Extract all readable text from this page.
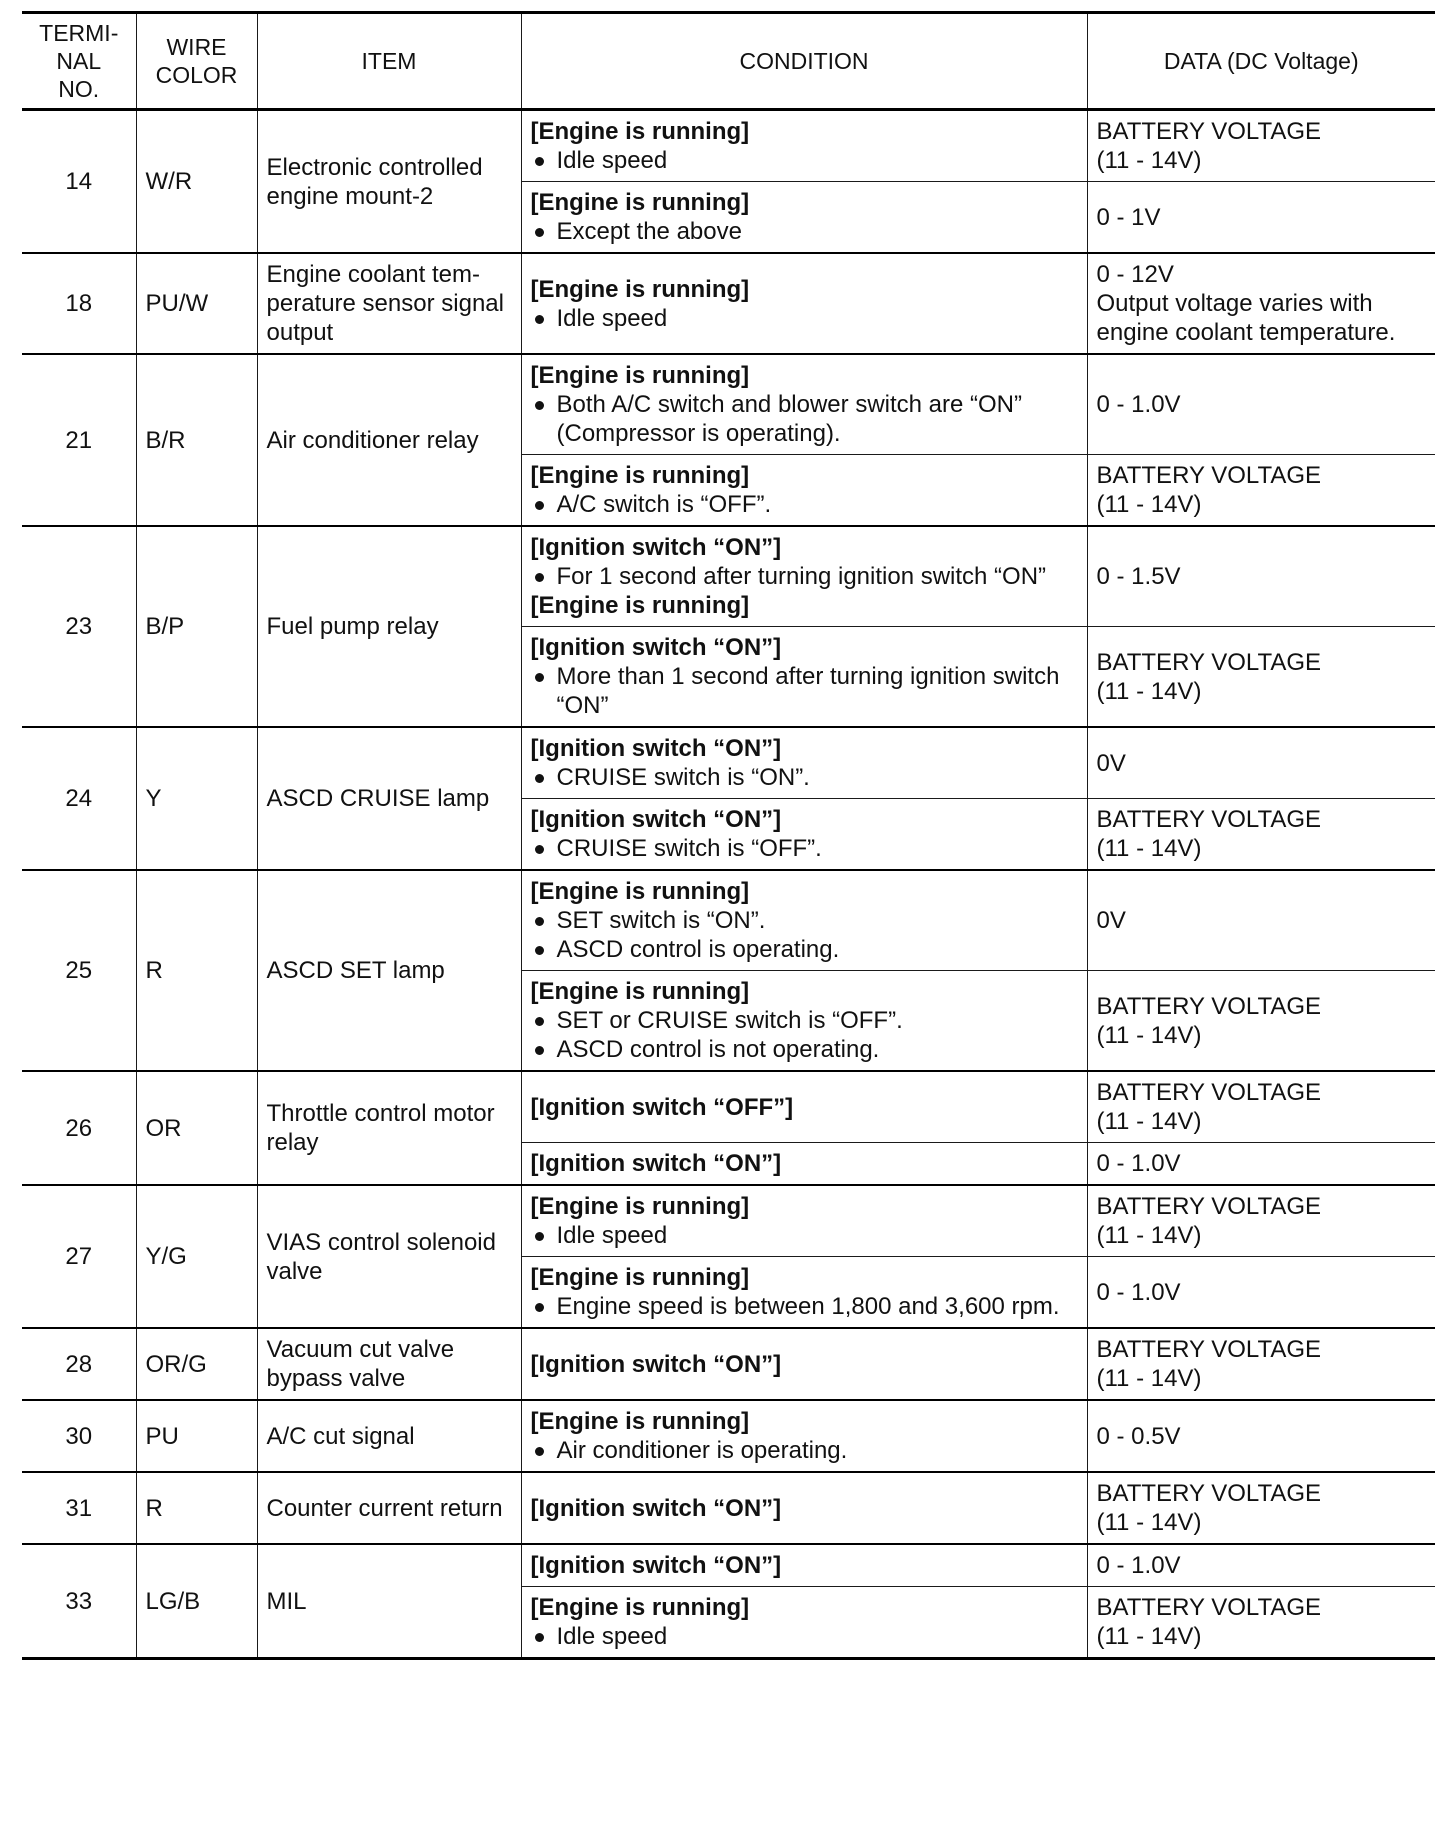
TERMI-
NAL
NO.	WIRE
COLOR	ITEM	CONDITION	DATA (DC Voltage)
14	W/R	Electronic controlled engine mount-2	[Engine is running]
Idle speed	BATTERY VOLTAGE
(11 - 14V)

			[Engine is running]
Except the above	0 - 1V

18	PU/W	Engine coolant tem- perature sensor signal output	[Engine is running]
Idle speed	0 - 12V
Output voltage varies with
engine coolant temperature.

21	B/R	Air conditioner relay	[Engine is running]
Both A/C switch and blower switch are “ON” (Compressor is operating).	0 - 1.0V

			[Engine is running]
A/C switch is “OFF”.	BATTERY VOLTAGE
(11 - 14V)

23	B/P	Fuel pump relay	[Ignition switch “ON”]
For 1 second after turning ignition switch “ON”
[Engine is running]	0 - 1.5V

			[Ignition switch “ON”]
More than 1 second after turning ignition switch “ON”	BATTERY VOLTAGE
(11 - 14V)

24	Y	ASCD CRUISE lamp	[Ignition switch “ON”]
CRUISE switch is “ON”.	0V

			[Ignition switch “ON”]
CRUISE switch is “OFF”.	BATTERY VOLTAGE
(11 - 14V)

25	R	ASCD SET lamp	[Engine is running]
SET switch is “ON”.
ASCD control is operating.	0V

			[Engine is running]
SET or CRUISE switch is “OFF”.
ASCD control is not operating.	BATTERY VOLTAGE
(11 - 14V)

26	OR	Throttle control motor relay	[Ignition switch “OFF”]	BATTERY VOLTAGE
(11 - 14V)

			[Ignition switch “ON”]	0 - 1.0V

27	Y/G	VIAS control solenoid valve	[Engine is running]
Idle speed	BATTERY VOLTAGE
(11 - 14V)

			[Engine is running]
Engine speed is between 1,800 and 3,600 rpm.	0 - 1.0V

28	OR/G	Vacuum cut valve bypass valve	[Ignition switch “ON”]	BATTERY VOLTAGE
(11 - 14V)

30	PU	A/C cut signal	[Engine is running]
Air conditioner is operating.	0 - 0.5V

31	R	Counter current return	[Ignition switch “ON”]	BATTERY VOLTAGE
(11 - 14V)

33	LG/B	MIL	[Ignition switch “ON”]	0 - 1.0V

			[Engine is running]
Idle speed	BATTERY VOLTAGE
(11 - 14V)
